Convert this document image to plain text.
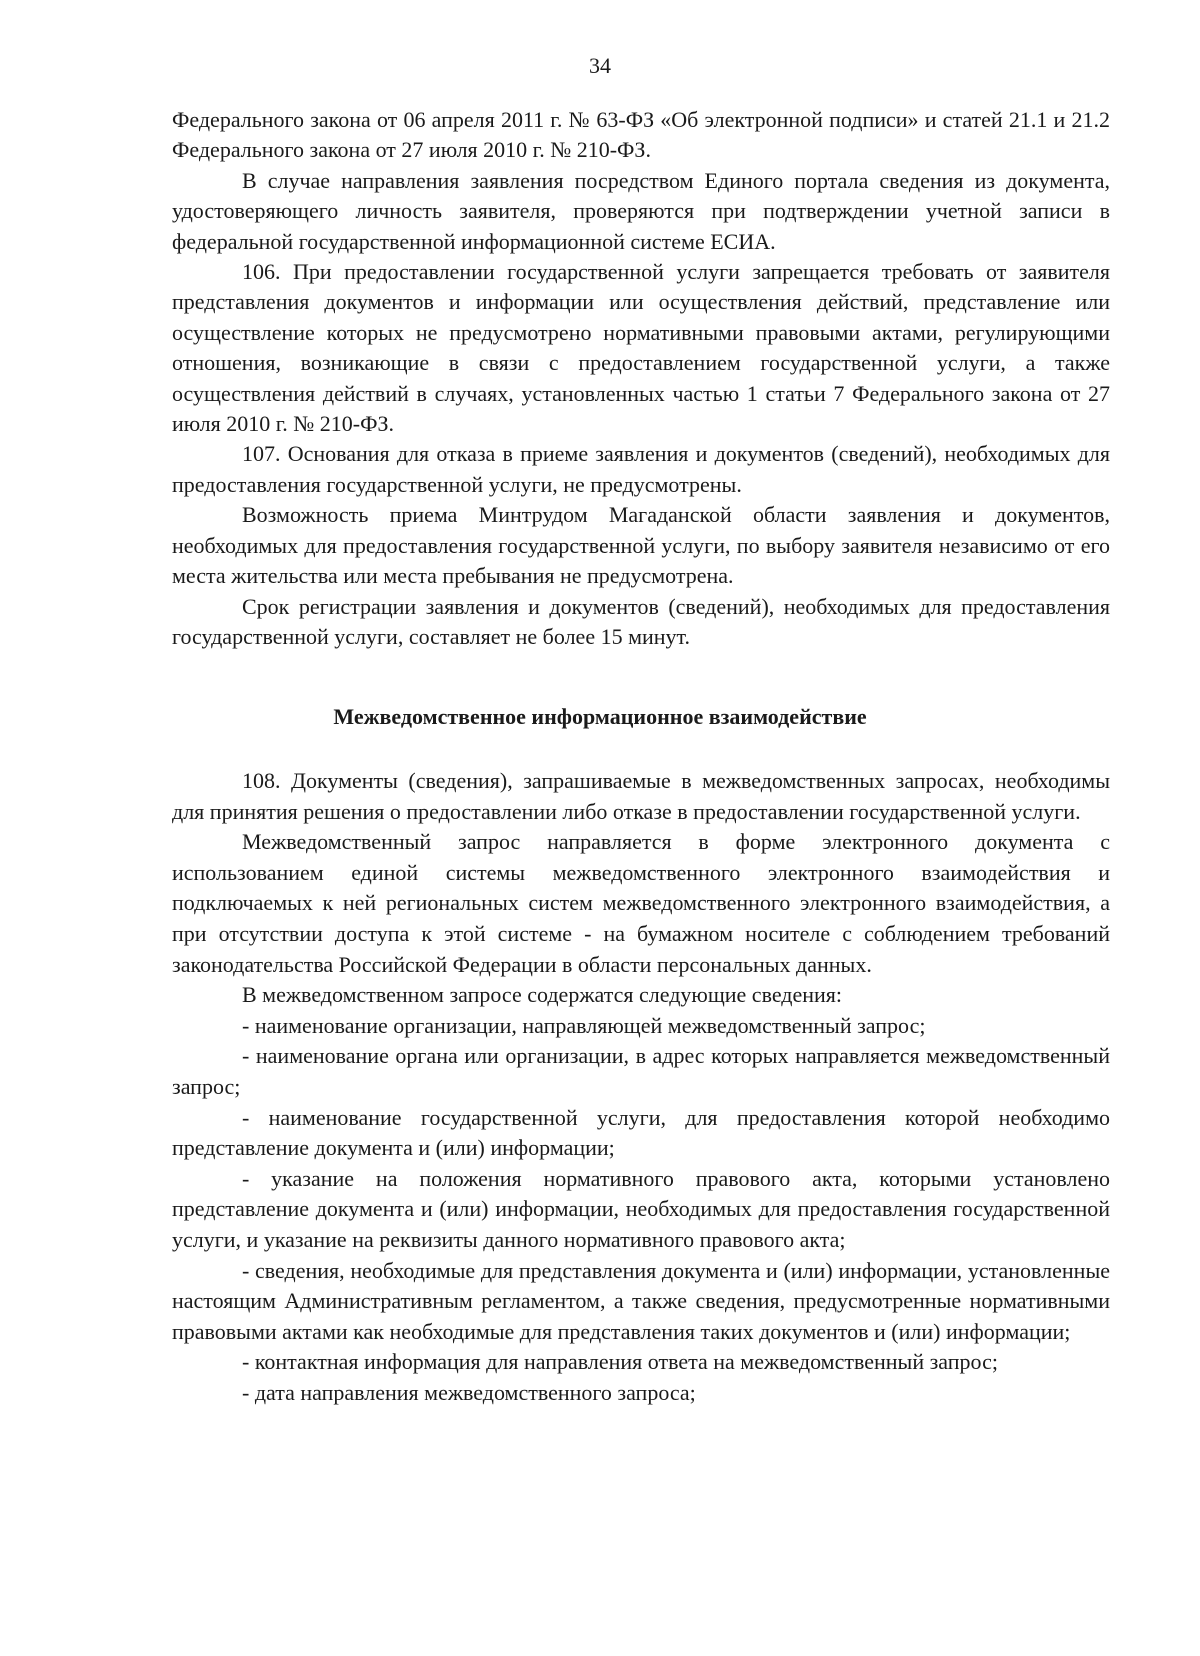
34

Федерального закона от 06 апреля 2011 г. № 63-ФЗ «Об электронной подписи» и статей 21.1 и 21.2 Федерального закона от 27 июля 2010 г. № 210-ФЗ.

В случае направления заявления посредством Единого портала сведения из документа, удостоверяющего личность заявителя, проверяются при подтверждении учетной записи в федеральной государственной информационной системе ЕСИА.

106. При предоставлении государственной услуги запрещается требовать от заявителя представления документов и информации или осуществления действий, представление или осуществление которых не предусмотрено нормативными правовыми актами, регулирующими отношения, возникающие в связи с предоставлением государственной услуги, а также осуществления действий в случаях, установленных частью 1 статьи 7 Федерального закона от 27 июля 2010 г. № 210-ФЗ.

107. Основания для отказа в приеме заявления и документов (сведений), необходимых для предоставления государственной услуги, не предусмотрены.

Возможность приема Минтрудом Магаданской области заявления и документов, необходимых для предоставления государственной услуги, по выбору заявителя независимо от его места жительства или места пребывания не предусмотрена.

Срок регистрации заявления и документов (сведений), необходимых для предоставления государственной услуги, составляет не более 15 минут.

Межведомственное информационное взаимодействие

108. Документы (сведения), запрашиваемые в межведомственных запросах, необходимы для принятия решения о предоставлении либо отказе в предоставлении государственной услуги.

Межведомственный запрос направляется в форме электронного документа с использованием единой системы межведомственного электронного взаимодействия и подключаемых к ней региональных систем межведомственного электронного взаимодействия, а при отсутствии доступа к этой системе - на бумажном носителе с соблюдением требований законодательства Российской Федерации в области персональных данных.

В межведомственном запросе содержатся следующие сведения:

- наименование организации, направляющей межведомственный запрос;

- наименование органа или организации, в адрес которых направляется межведомственный запрос;

- наименование государственной услуги, для предоставления которой необходимо представление документа и (или) информации;

- указание на положения нормативного правового акта, которыми установлено представление документа и (или) информации, необходимых для предоставления государственной услуги, и указание на реквизиты данного нормативного правового акта;

- сведения, необходимые для представления документа и (или) информации, установленные настоящим Административным регламентом, а также сведения, предусмотренные нормативными правовыми актами как необходимые для представления таких документов и (или) информации;

- контактная информация для направления ответа на межведомственный запрос;

- дата направления межведомственного запроса;
